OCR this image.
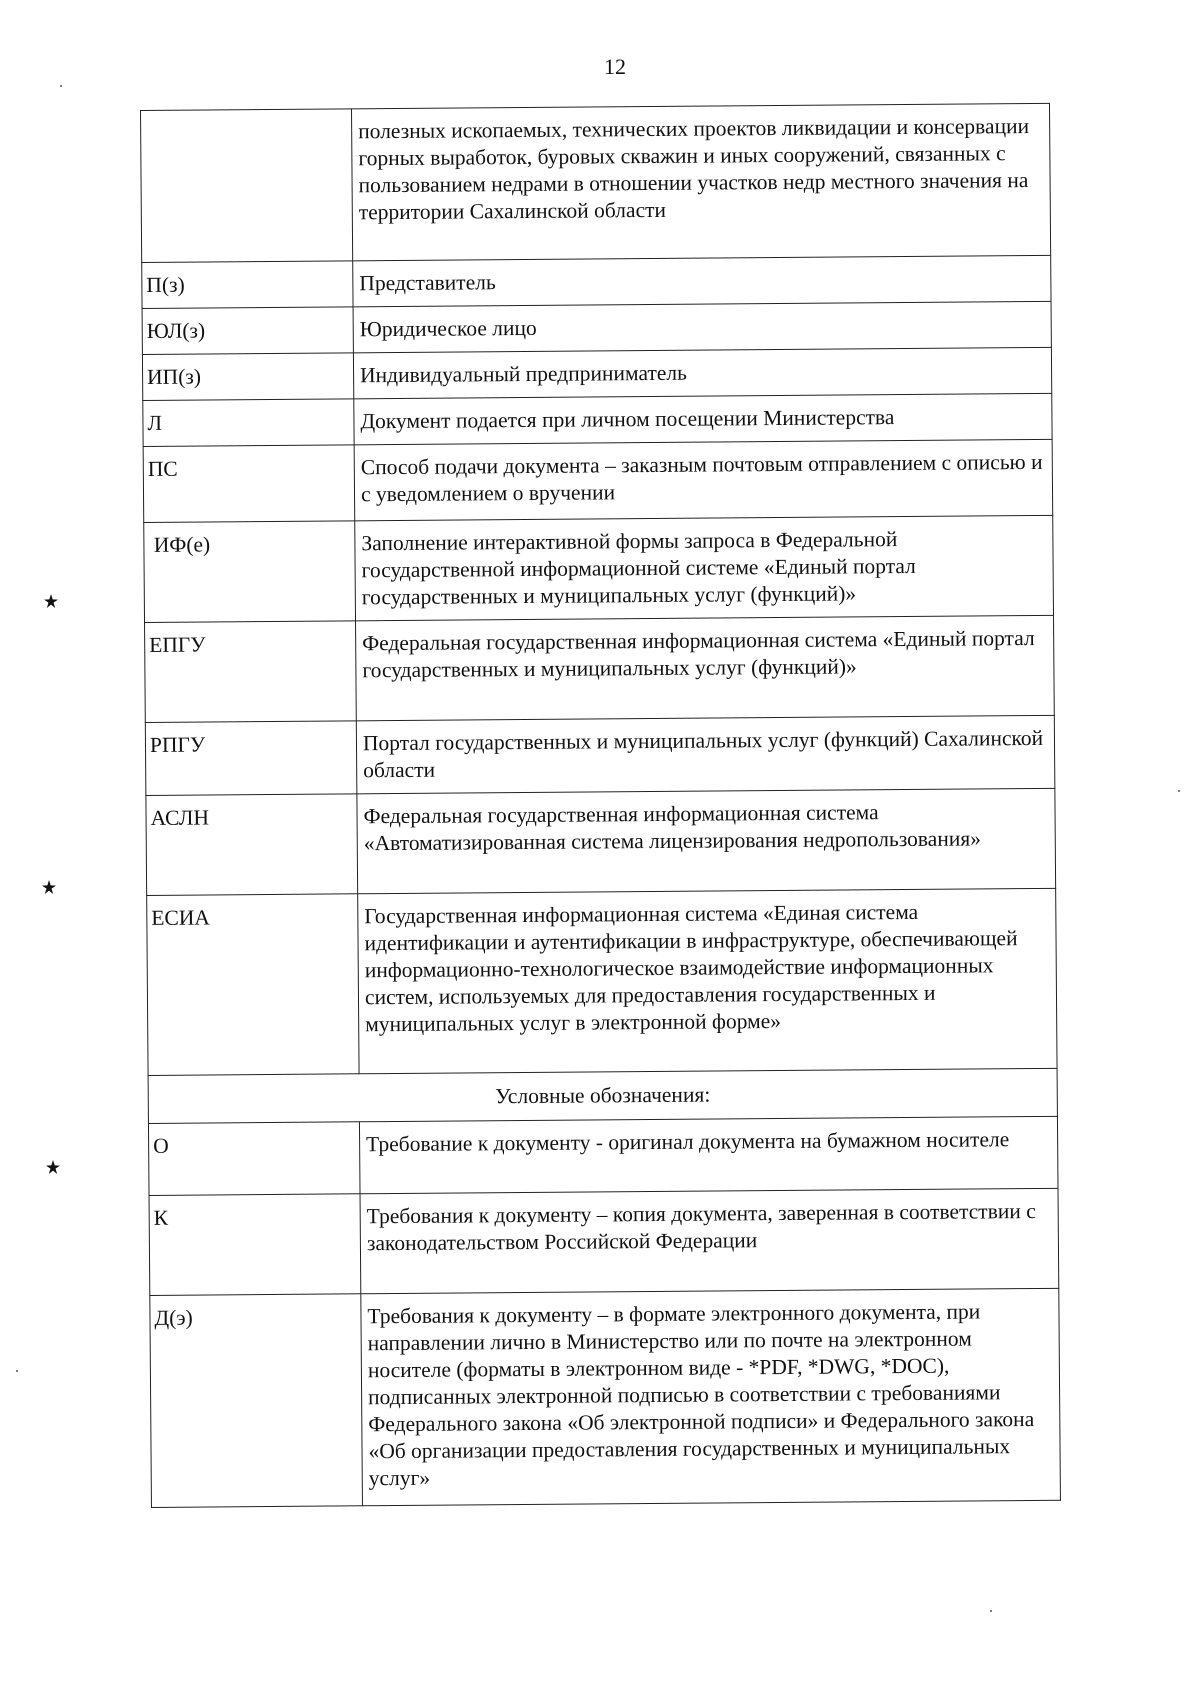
12
	полезных ископаемых, технических проектов ликвидации и консервации горных выработок, буровых скважин и иных сооружений, связанных с пользованием недрами в отношении участков недр местного значения на территории Сахалинской области
П(з)	Представитель
ЮЛ(з)	Юридическое лицо
ИП(з)	Индивидуальный предприниматель
Л	Документ подается при личном посещении Министерства
ПС	Способ подачи документа – заказным почтовым отправлением с описью и с уведомлением о вручении
ИФ(е)	Заполнение интерактивной формы запроса в Федеральной государственной информационной системе «Единый портал государственных и муниципальных услуг (функций)»
ЕПГУ	Федеральная государственная информационная система «Единый портал государственных и муниципальных услуг (функций)»
РПГУ	Портал государственных и муниципальных услуг (функций) Сахалинской области
АСЛН	Федеральная государственная информационная система «Автоматизированная система лицензирования недропользования»
ЕСИА	Государственная информационная система «Единая система идентификации и аутентификации в инфраструктуре, обеспечивающей информационно-технологическое взаимодействие информационных систем, используемых для предоставления государственных и муниципальных услуг в электронной форме»
Условные обозначения:	
О	Требование к документу - оригинал документа на бумажном носителе
К	Требования к документу – копия документа, заверенная в соответствии с законодательством Российской Федерации
Д(э)	Требования к документу – в формате электронного документа, при направлении лично в Министерство или по почте на электронном носителе (форматы в электронном виде - *PDF, *DWG, *DOC), подписанных электронной подписью в соответствии с требованиями Федерального закона «Об электронной подписи» и Федерального закона «Об организации предоставления государственных и муниципальных услуг»
